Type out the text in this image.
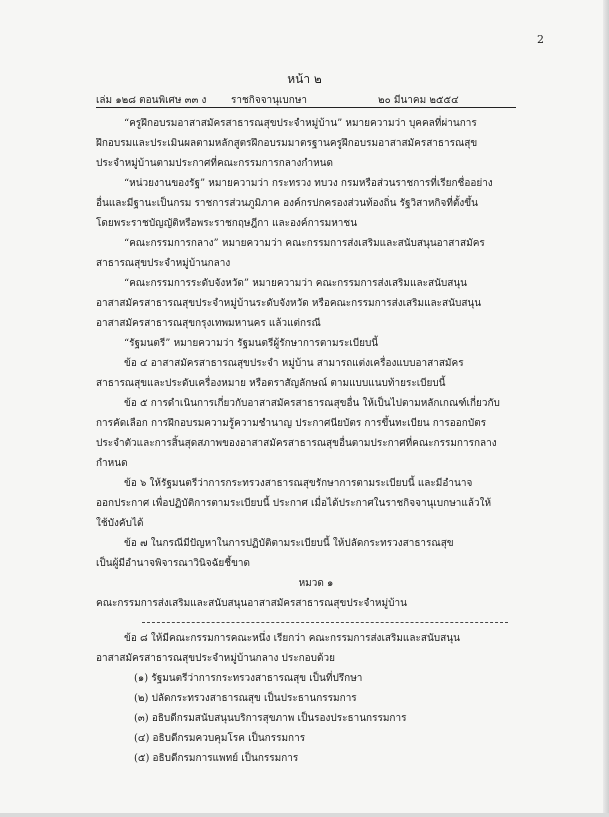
2
หน้า ๒
เล่ม ๑๒๘ ตอนพิเศษ ๓๓ ง ราชกิจจานุเบกษา	๒๐ มีนาคม ๒๕๕๔
“ครูฝึกอบรมอาสาสมัครสาธารณสุขประจำหมู่บ้าน” หมายความว่า บุคคลที่ผ่านการ
ฝึกอบรมและประเมินผลตามหลักสูตรฝึกอบรมมาตรฐานครูฝึกอบรมอาสาสมัครสาธารณสุข
ประจำหมู่บ้านตามประกาศที่คณะกรรมการกลางกำหนด
“หน่วยงานของรัฐ” หมายความว่า กระทรวง ทบวง กรมหรือส่วนราชการที่เรียกชื่ออย่าง
อื่นและมีฐานะเป็นกรม ราชการส่วนภูมิภาค องค์กรปกครองส่วนท้องถิ่น รัฐวิสาหกิจที่ตั้งขึ้น
โดยพระราชบัญญัติหรือพระราชกฤษฎีกา และองค์การมหาชน
“คณะกรรมการกลาง” หมายความว่า คณะกรรมการส่งเสริมและสนับสนุนอาสาสมัคร
สาธารณสุขประจำหมู่บ้านกลาง
“คณะกรรมการระดับจังหวัด” หมายความว่า คณะกรรมการส่งเสริมและสนับสนุน
อาสาสมัครสาธารณสุขประจำหมู่บ้านระดับจังหวัด หรือคณะกรรมการส่งเสริมและสนับสนุน
อาสาสมัครสาธารณสุขกรุงเทพมหานคร แล้วแต่กรณี
“รัฐมนตรี” หมายความว่า รัฐมนตรีผู้รักษาการตามระเบียบนี้
ข้อ ๔ อาสาสมัครสาธารณสุขประจำ หมู่บ้าน สามารถแต่งเครื่องแบบอาสาสมัคร
สาธารณสุขและประดับเครื่องหมาย หรือตราสัญลักษณ์ ตามแบบแนบท้ายระเบียบนี้
ข้อ ๕ การดำเนินการเกี่ยวกับอาสาสมัครสาธารณสุขอื่น ให้เป็นไปตามหลักเกณฑ์เกี่ยวกับ
การคัดเลือก การฝึกอบรมความรู้ความชำนาญ ประกาศนียบัตร การขึ้นทะเบียน การออกบัตร
ประจำตัวและการสิ้นสุดสภาพของอาสาสมัครสาธารณสุขอื่นตามประกาศที่คณะกรรมการกลาง
กำหนด
ข้อ ๖ ให้รัฐมนตรีว่าการกระทรวงสาธารณสุขรักษาการตามระเบียบนี้ และมีอำนาจ
ออกประกาศ เพื่อปฏิบัติการตามระเบียบนี้ ประกาศ เมื่อได้ประกาศในราชกิจจานุเบกษาแล้วให้
ใช้บังคับได้
ข้อ ๗ ในกรณีมีปัญหาในการปฏิบัติตามระเบียบนี้ ให้ปลัดกระทรวงสาธารณสุข
เป็นผู้มีอำนาจพิจารณาวินิจฉัยชี้ขาด
หมวด ๑
คณะกรรมการส่งเสริมและสนับสนุนอาสาสมัครสาธารณสุขประจำหมู่บ้าน
ข้อ ๘ ให้มีคณะกรรมการคณะหนึ่ง เรียกว่า คณะกรรมการส่งเสริมและสนับสนุน
อาสาสมัครสาธารณสุขประจำหมู่บ้านกลาง ประกอบด้วย
(๑) รัฐมนตรีว่าการกระทรวงสาธารณสุข เป็นที่ปรึกษา
(๒) ปลัดกระทรวงสาธารณสุข เป็นประธานกรรมการ
(๓) อธิบดีกรมสนับสนุนบริการสุขภาพ เป็นรองประธานกรรมการ
(๔) อธิบดีกรมควบคุมโรค เป็นกรรมการ
(๕) อธิบดีกรมการแพทย์ เป็นกรรมการ
